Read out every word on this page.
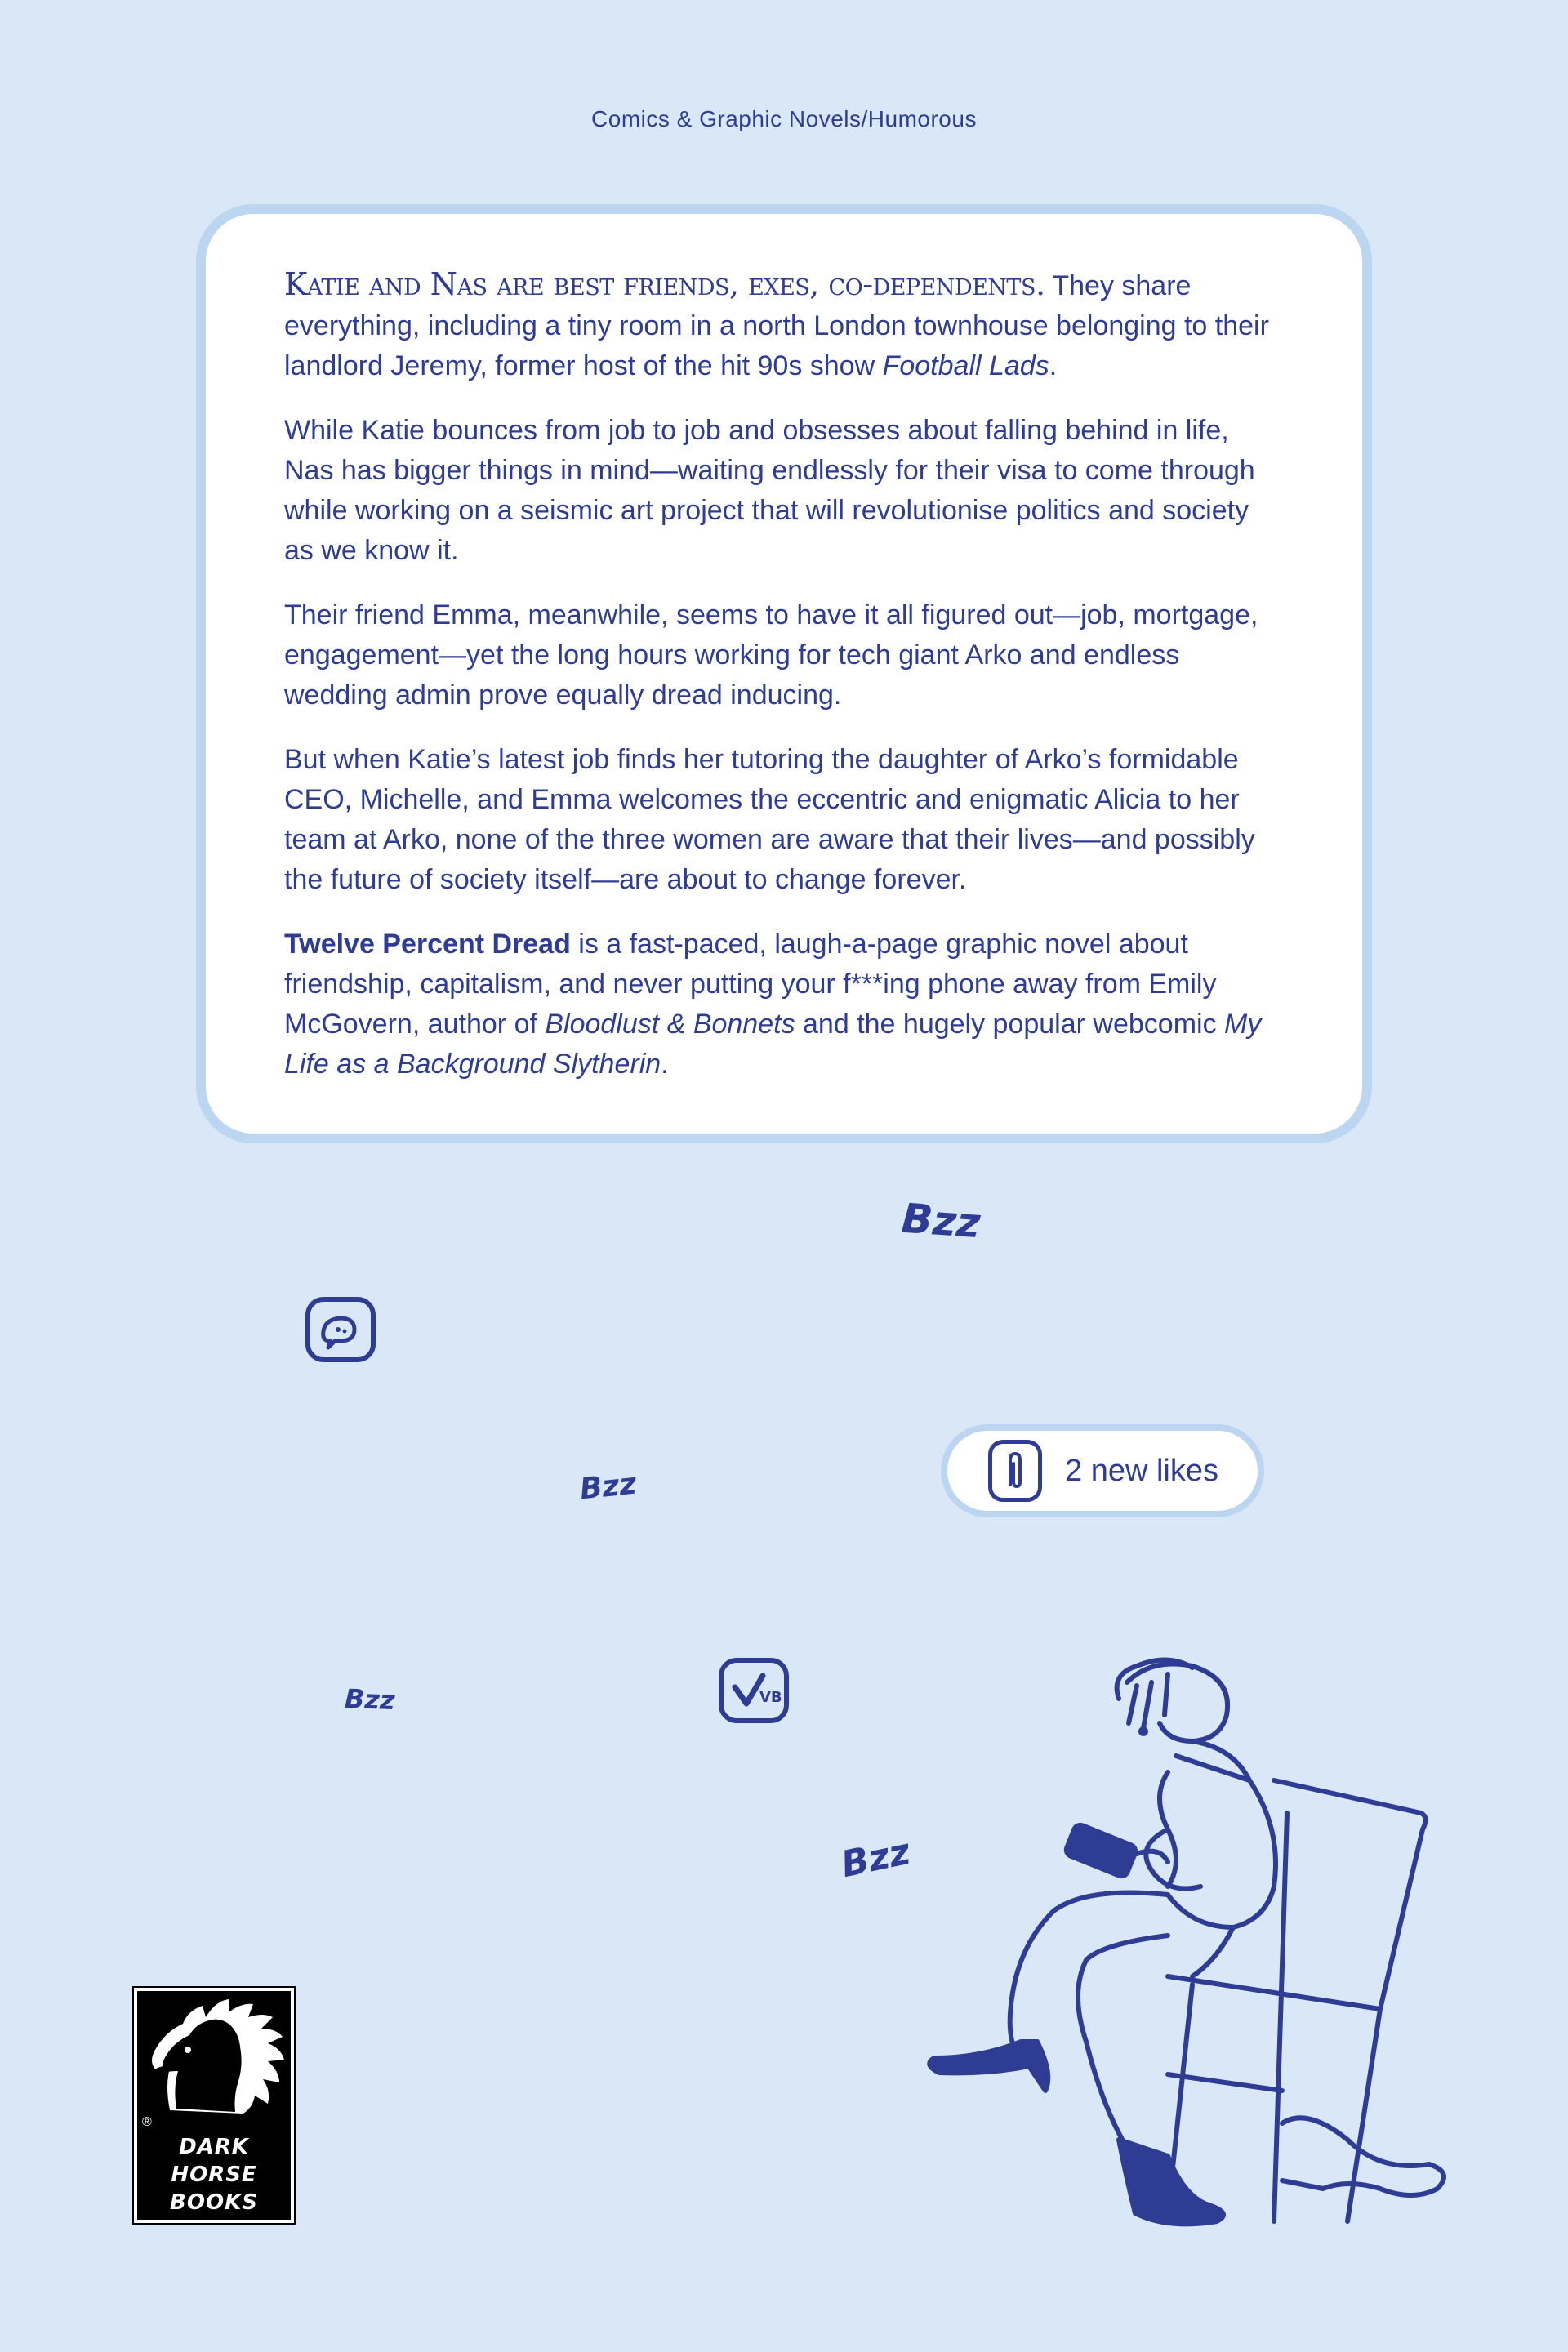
Comics & Graphic Novels/Humorous

Katie and Nas are best friends, exes, co-dependents. They share everything, including a tiny room in a north London townhouse belonging to their landlord Jeremy, former host of the hit 90s show Football Lads.

While Katie bounces from job to job and obsesses about falling behind in life, Nas has bigger things in mind—waiting endlessly for their visa to come through while working on a seismic art project that will revolutionise politics and society as we know it.

Their friend Emma, meanwhile, seems to have it all figured out—job, mortgage, engagement—yet the long hours working for tech giant Arko and endless wedding admin prove equally dread inducing.

But when Katie’s latest job finds her tutoring the daughter of Arko’s formidable CEO, Michelle, and Emma welcomes the eccentric and enigmatic Alicia to her team at Arko, none of the three women are aware that their lives—and possibly the future of society itself—are about to change forever.

Twelve Percent Dread is a fast-paced, laugh-a-page graphic novel about friendship, capitalism, and never putting your f***ing phone away from Emily McGovern, author of Bloodlust & Bonnets and the hugely popular webcomic My Life as a Background Slytherin.

Bzz
Bzz
Bzz
Bzz
VB
2 new likes
®
DARK
HORSE
BOOKS
